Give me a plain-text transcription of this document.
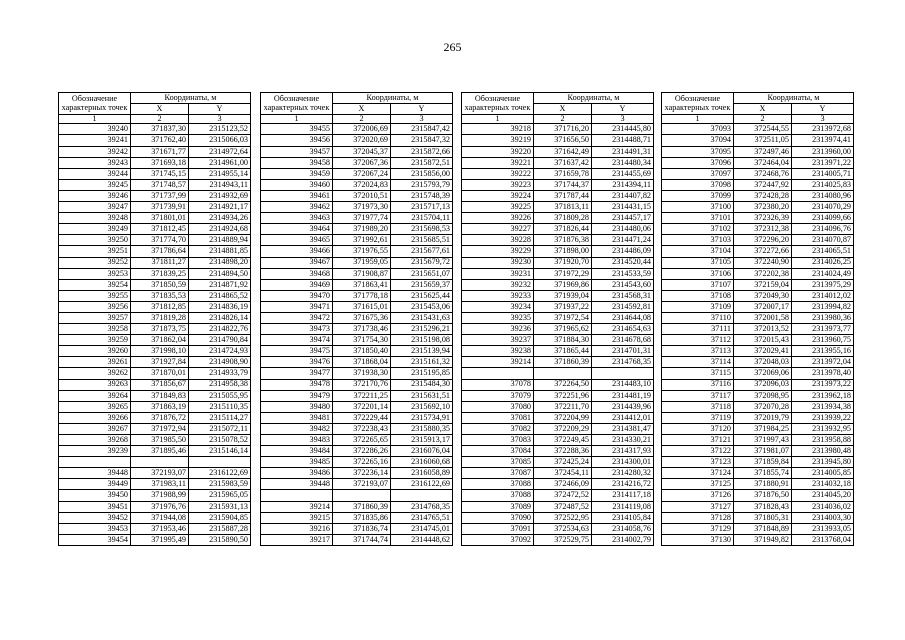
265
Обозначение характерных точек	Координаты, м	
	X	Y
1	2	3
39240	371837,30	2315123,52
39241	371762,40	2315066,03
39242	371671,77	2314972,64
39243	371693,18	2314961,00
39244	371745,15	2314955,14
39245	371748,57	2314943,11
39246	371737,99	2314932,69
39247	371739,91	2314921,17
39248	371801,01	2314934,26
39249	371812,45	2314924,68
39250	371774,70	2314889,94
39251	371786,64	2314881,85
39252	371811,27	2314898,20
39253	371839,25	2314894,50
39254	371850,59	2314871,92
39255	371835,53	2314865,52
39256	371812,85	2314836,19
39257	371819,28	2314826,14
39258	371873,75	2314822,76
39259	371862,04	2314790,84
39260	371998,10	2314724,93
39261	371927,84	2314908,90
39262	371870,01	2314933,79
39263	371856,67	2314958,38
39264	371849,83	2315055,95
39265	371863,19	2315110,35
39266	371876,72	2315114,27
39267	371972,94	2315072,11
39268	371985,50	2315078,52
39239	371895,46	2315146,14

39448	372193,07	2316122,69
39449	371983,11	2315983,59
39450	371988,99	2315965,05
39451	371976,76	2315931,13
39452	371944,08	2315904,85
39453	371953,46	2315887,28
39454	371995,49	2315890,50
Обозначение характерных точек	Координаты, м	
	X	Y
1	2	3
39455	372006,69	2315847,42
39456	372020,69	2315847,32
39457	372045,37	2315872,66
39458	372067,36	2315872,51
39459	372067,24	2315856,00
39460	372024,83	2315793,79
39461	372010,51	2315748,39
39462	371973,30	2315717,13
39463	371977,74	2315704,11
39464	371989,20	2315698,53
39465	371992,61	2315685,51
39466	371976,55	2315677,61
39467	371959,05	2315679,72
39468	371908,87	2315651,07
39469	371863,41	2315659,37
39470	371778,18	2315625,44
39471	371615,01	2315453,06
39472	371675,36	2315431,63
39473	371738,46	2315296,21
39474	371754,30	2315198,08
39475	371850,40	2315139,94
39476	371868,04	2315161,32
39477	371938,30	2315195,85
39478	372170,76	2315484,30
39479	372211,25	2315631,51
39480	372201,14	2315692,10
39481	372229,44	2315734,91
39482	372238,43	2315880,35
39483	372265,65	2315913,17
39484	372286,26	2316076,04
39485	372265,16	2316060,68
39486	372236,14	2316058,89
39448	372193,07	2316122,69

39214	371860,39	2314768,35
39215	371835,86	2314765,51
39216	371836,74	2314745,01
39217	371744,74	2314448,62
Обозначение характерных точек	Координаты, м	
	X	Y
1	2	3
39218	371716,20	2314445,80
39219	371656,50	2314488,71
39220	371642,49	2314491,31
39221	371637,42	2314480,34
39222	371659,78	2314455,69
39223	371744,37	2314394,11
39224	371787,44	2314407,82
39225	371813,11	2314431,15
39226	371809,28	2314457,17
39227	371826,44	2314480,06
39228	371876,38	2314471,24
39229	371898,00	2314486,09
39230	371920,70	2314520,44
39231	371972,29	2314533,59
39232	371969,86	2314543,60
39233	371939,04	2314568,31
39234	371937,22	2314592,81
39235	371972,54	2314644,08
39236	371965,62	2314654,63
39237	371884,30	2314678,68
39238	371865,44	2314701,31
39214	371860,39	2314768,35

37078	372264,50	2314483,10
37079	372251,96	2314481,19
37080	372211,70	2314439,96
37081	372204,99	2314412,01
37082	372209,29	2314381,47
37083	372249,45	2314330,21
37084	372288,36	2314317,93
37085	372425,24	2314300,01
37087	372454,11	2314280,32
37088	372466,09	2314216,72
37088	372472,52	2314117,18
37089	372487,52	2314119,08
37090	372522,95	2314105,84
37091	372534,63	2314058,76
37092	372529,75	2314002,79
Обозначение характерных точек	Координаты, м	
	X	Y
1	2	3
37093	372544,55	2313972,68
37094	372511,05	2313974,41
37095	372497,46	2313960,00
37096	372464,04	2313971,22
37097	372468,76	2314005,71
37098	372447,92	2314025,83
37099	372428,28	2314080,96
37100	372380,20	2314070,29
37101	372326,39	2314099,66
37102	372312,38	2314096,76
37103	372296,20	2314070,87
37104	372272,66	2314065,51
37105	372240,90	2314026,25
37106	372202,38	2314024,49
37107	372159,04	2313975,29
37108	372049,30	2314012,02
37109	372007,17	2313994,82
37110	372001,58	2313980,36
37111	372013,52	2313973,77
37112	372015,43	2313960,75
37113	372029,41	2313955,16
37114	372048,03	2313972,04
37115	372069,06	2313978,40
37116	372096,03	2313973,22
37117	372098,95	2313962,18
37118	372070,28	2313934,38
37119	372019,79	2313939,22
37120	371984,25	2313932,95
37121	371997,43	2313958,88
37122	371981,07	2313980,48
37123	371859,84	2313945,80
37124	371855,74	2314005,85
37125	371880,91	2314032,18
37126	371876,50	2314045,20
37127	371828,43	2314036,02
37128	371805,31	2314003,30
37129	371848,89	2313933,05
37130	371949,82	2313768,04
